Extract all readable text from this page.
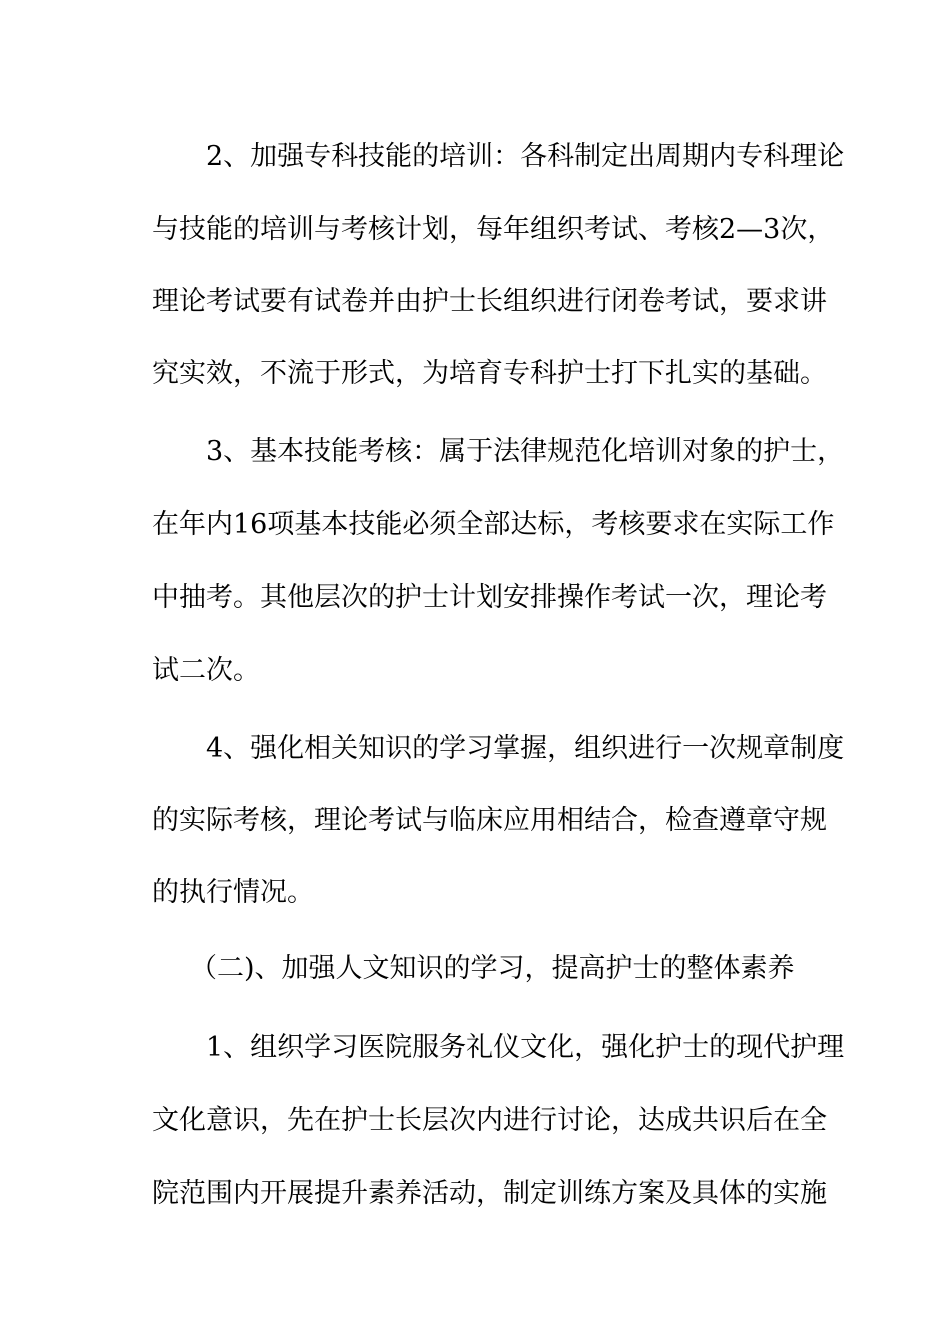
2、加强专科技能的培训：各科制定出周期内专科理论

与技能的培训与考核计划，每年组织考试、考核2—3次，

理论考试要有试卷并由护士长组织进行闭卷考试，要求讲

究实效，不流于形式，为培育专科护士打下扎实的基础。

3、基本技能考核：属于法律规范化培训对象的护士，

在年内16项基本技能必须全部达标，考核要求在实际工作

中抽考。其他层次的护士计划安排操作考试一次，理论考

试二次。

4、强化相关知识的学习掌握，组织进行一次规章制度

的实际考核，理论考试与临床应用相结合，检查遵章守规

的执行情况。

（二)、加强人文知识的学习，提高护士的整体素养

1、组织学习医院服务礼仪文化，强化护士的现代护理

文化意识，先在护士长层次内进行讨论，达成共识后在全

院范围内开展提升素养活动，制定训练方案及具体的实施
